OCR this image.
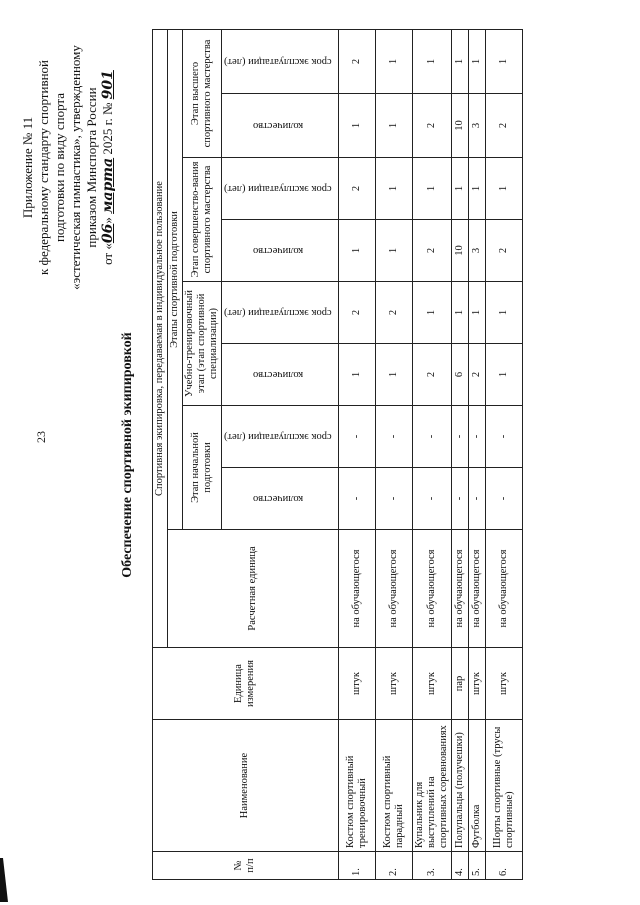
23
Приложение № 11 к федеральному стандарту спортивной подготовки по виду спорта «эстетическая гимнастика», утвержденному приказом Минспорта России
от «06» марта 2025 г. № 901
Обеспечение спортивной экипировкой
№ п/п	Наименование	Единица измерения	Спортивная экипировка, передаваемая в индивидуальное пользование								
			Расчетная единица	Этапы спортивной подготовки							
				Этап начальной подготовки		Учебно-тренировочный этап (этап спортивной специализации)		Этап совершенство-вания спортивного мастерства		Этап высшего спортивного мастерства	
				количество	срок эксплуатации (лет)	количество	срок эксплуатации (лет)	количество	срок эксплуатации (лет)	количество	срок эксплуатации (лет)
1.	Костюм спортивный тренировочный	штук	на обучающегося	-	-	1	2	1	2	1	2
2.	Костюм спортивный парадный	штук	на обучающегося	-	-	1	2	1	1	1	1
3.	Купальник для выступлений на спортивных соревнованиях	штук	на обучающегося	-	-	2	1	2	1	2	1
4.	Полупальцы (получешки)	пар	на обучающегося	-	-	6	1	10	1	10	1
5.	Футболка	штук	на обучающегося	-	-	2	1	3	1	3	1
6.	Шорты спортивные (трусы спортивные)	штук	на обучающегося	-	-	1	1	2	1	2	1
